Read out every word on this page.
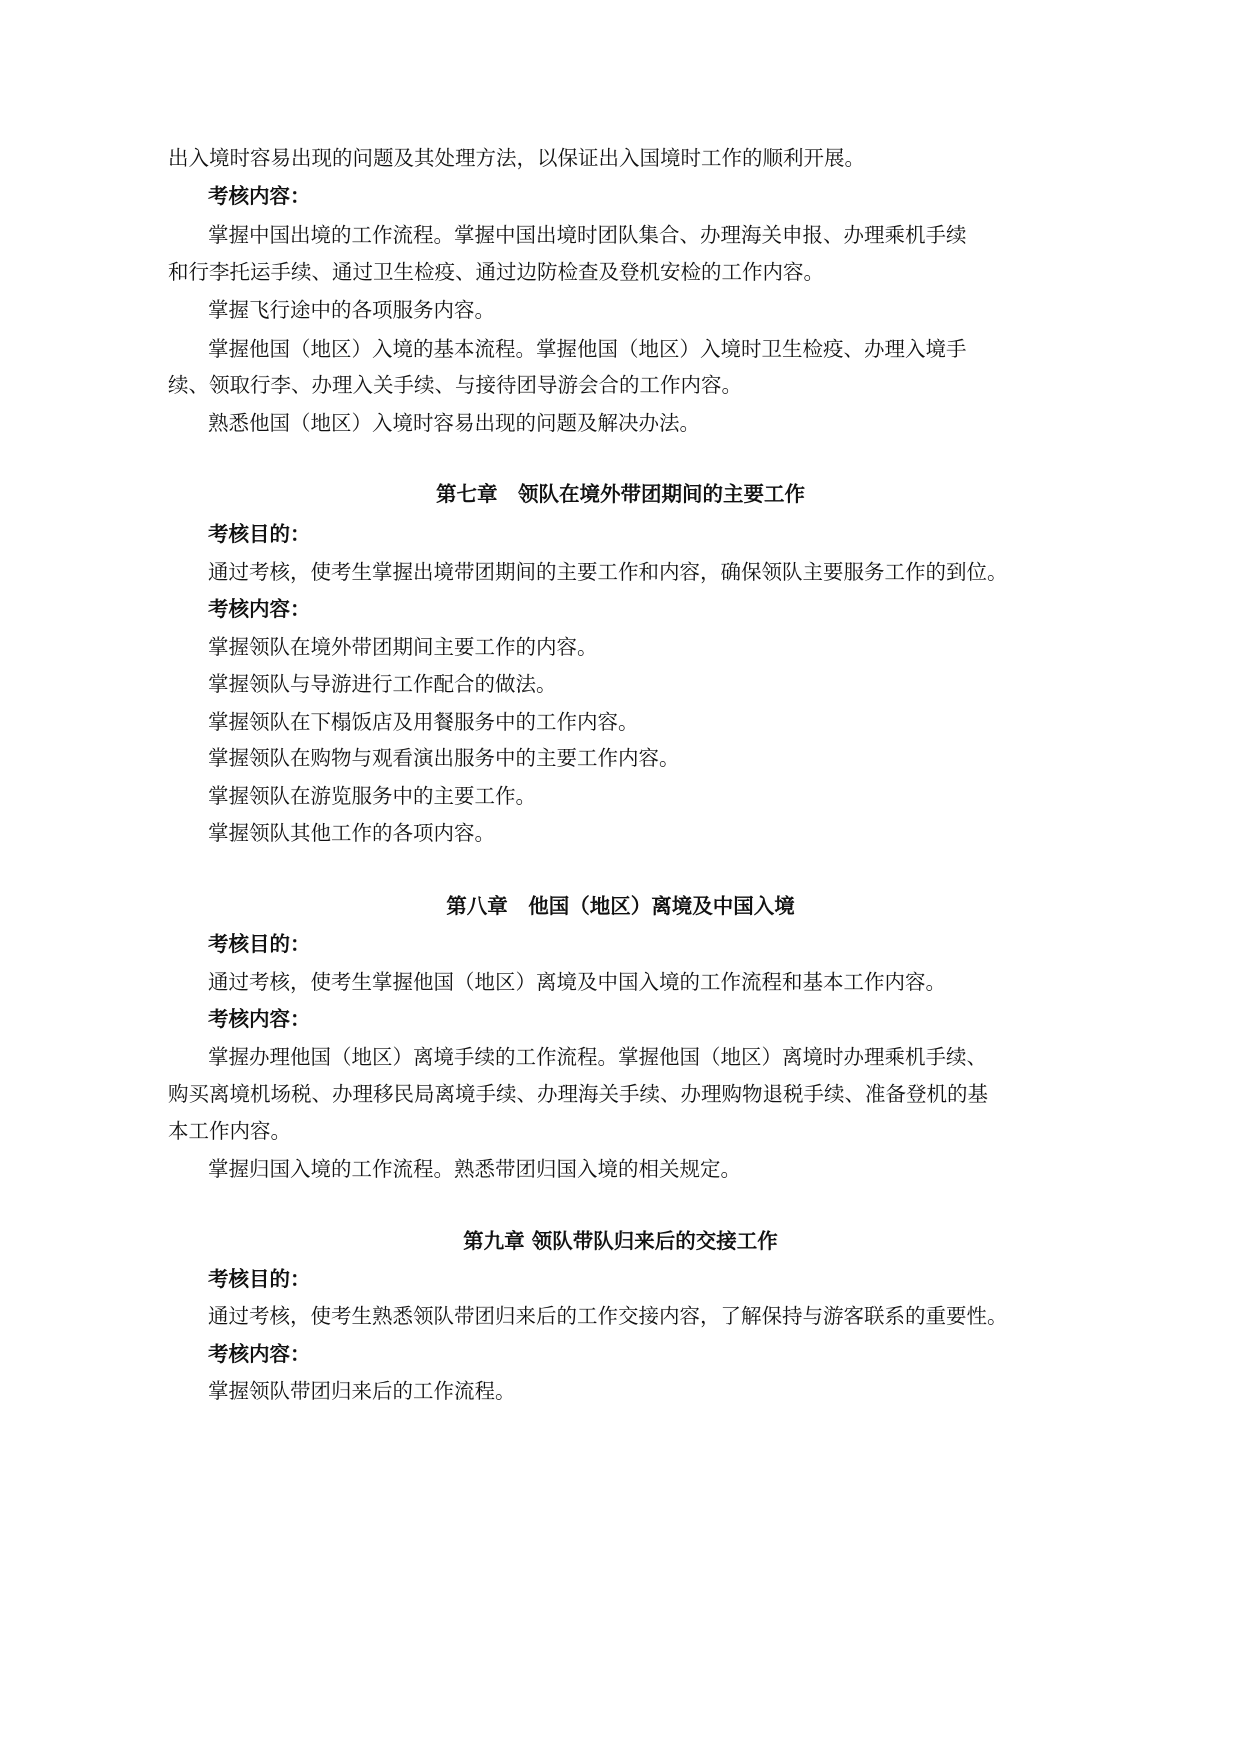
出入境时容易出现的问题及其处理方法，以保证出入国境时工作的顺利开展。
考核内容：
掌握中国出境的工作流程。掌握中国出境时团队集合、办理海关申报、办理乘机手续
和行李托运手续、通过卫生检疫、通过边防检查及登机安检的工作内容。
掌握飞行途中的各项服务内容。
掌握他国（地区）入境的基本流程。掌握他国（地区）入境时卫生检疫、办理入境手
续、领取行李、办理入关手续、与接待团导游会合的工作内容。
熟悉他国（地区）入境时容易出现的问题及解决办法。
第七章　领队在境外带团期间的主要工作
考核目的：
通过考核，使考生掌握出境带团期间的主要工作和内容，确保领队主要服务工作的到位。
考核内容：
掌握领队在境外带团期间主要工作的内容。
掌握领队与导游进行工作配合的做法。
掌握领队在下榻饭店及用餐服务中的工作内容。
掌握领队在购物与观看演出服务中的主要工作内容。
掌握领队在游览服务中的主要工作。
掌握领队其他工作的各项内容。
第八章　他国（地区）离境及中国入境
考核目的：
通过考核，使考生掌握他国（地区）离境及中国入境的工作流程和基本工作内容。
考核内容：
掌握办理他国（地区）离境手续的工作流程。掌握他国（地区）离境时办理乘机手续、
购买离境机场税、办理移民局离境手续、办理海关手续、办理购物退税手续、准备登机的基
本工作内容。
掌握归国入境的工作流程。熟悉带团归国入境的相关规定。
第九章 领队带队归来后的交接工作
考核目的：
通过考核，使考生熟悉领队带团归来后的工作交接内容，了解保持与游客联系的重要性。
考核内容：
掌握领队带团归来后的工作流程。
